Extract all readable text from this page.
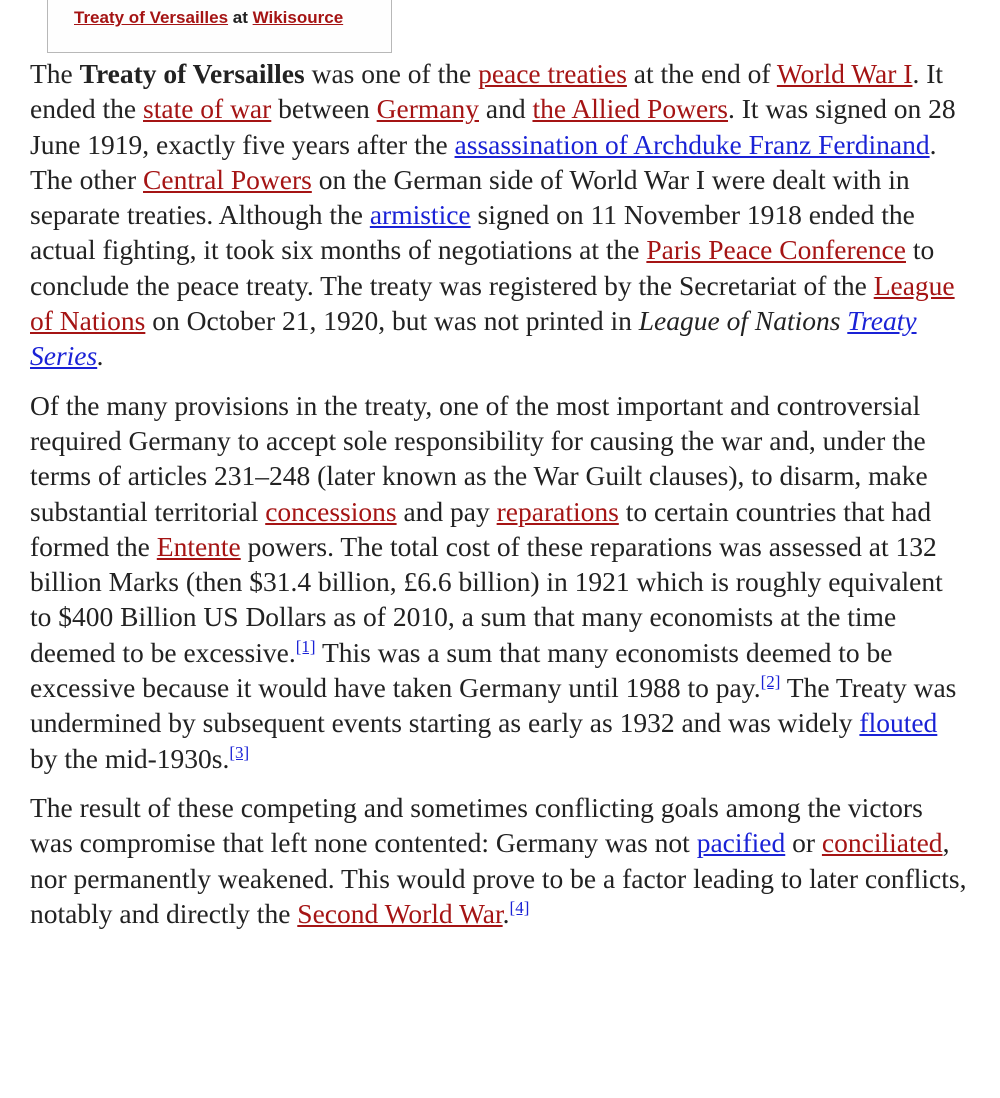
Treaty of Versailles at Wikisource

The Treaty of Versailles was one of the peace treaties at the end of World War I. It ended the state of war between Germany and the Allied Powers. It was signed on 28 June 1919, exactly five years after the assassination of Archduke Franz Ferdinand. The other Central Powers on the German side of World War I were dealt with in separate treaties. Although the armistice signed on 11 November 1918 ended the actual fighting, it took six months of negotiations at the Paris Peace Conference to conclude the peace treaty. The treaty was registered by the Secretariat of the League of Nations on October 21, 1920, but was not printed in League of Nations Treaty Series.

Of the many provisions in the treaty, one of the most important and controversial required Germany to accept sole responsibility for causing the war and, under the terms of articles 231–248 (later known as the War Guilt clauses), to disarm, make substantial territorial concessions and pay reparations to certain countries that had formed the Entente powers. The total cost of these reparations was assessed at 132 billion Marks (then $31.4 billion, £6.6 billion) in 1921 which is roughly equivalent to $400 Billion US Dollars as of 2010, a sum that many economists at the time deemed to be excessive.[1] This was a sum that many economists deemed to be excessive because it would have taken Germany until 1988 to pay.[2] The Treaty was undermined by subsequent events starting as early as 1932 and was widely flouted by the mid-1930s.[3]

The result of these competing and sometimes conflicting goals among the victors was compromise that left none contented: Germany was not pacified or conciliated, nor permanently weakened. This would prove to be a factor leading to later conflicts, notably and directly the Second World War.[4]
